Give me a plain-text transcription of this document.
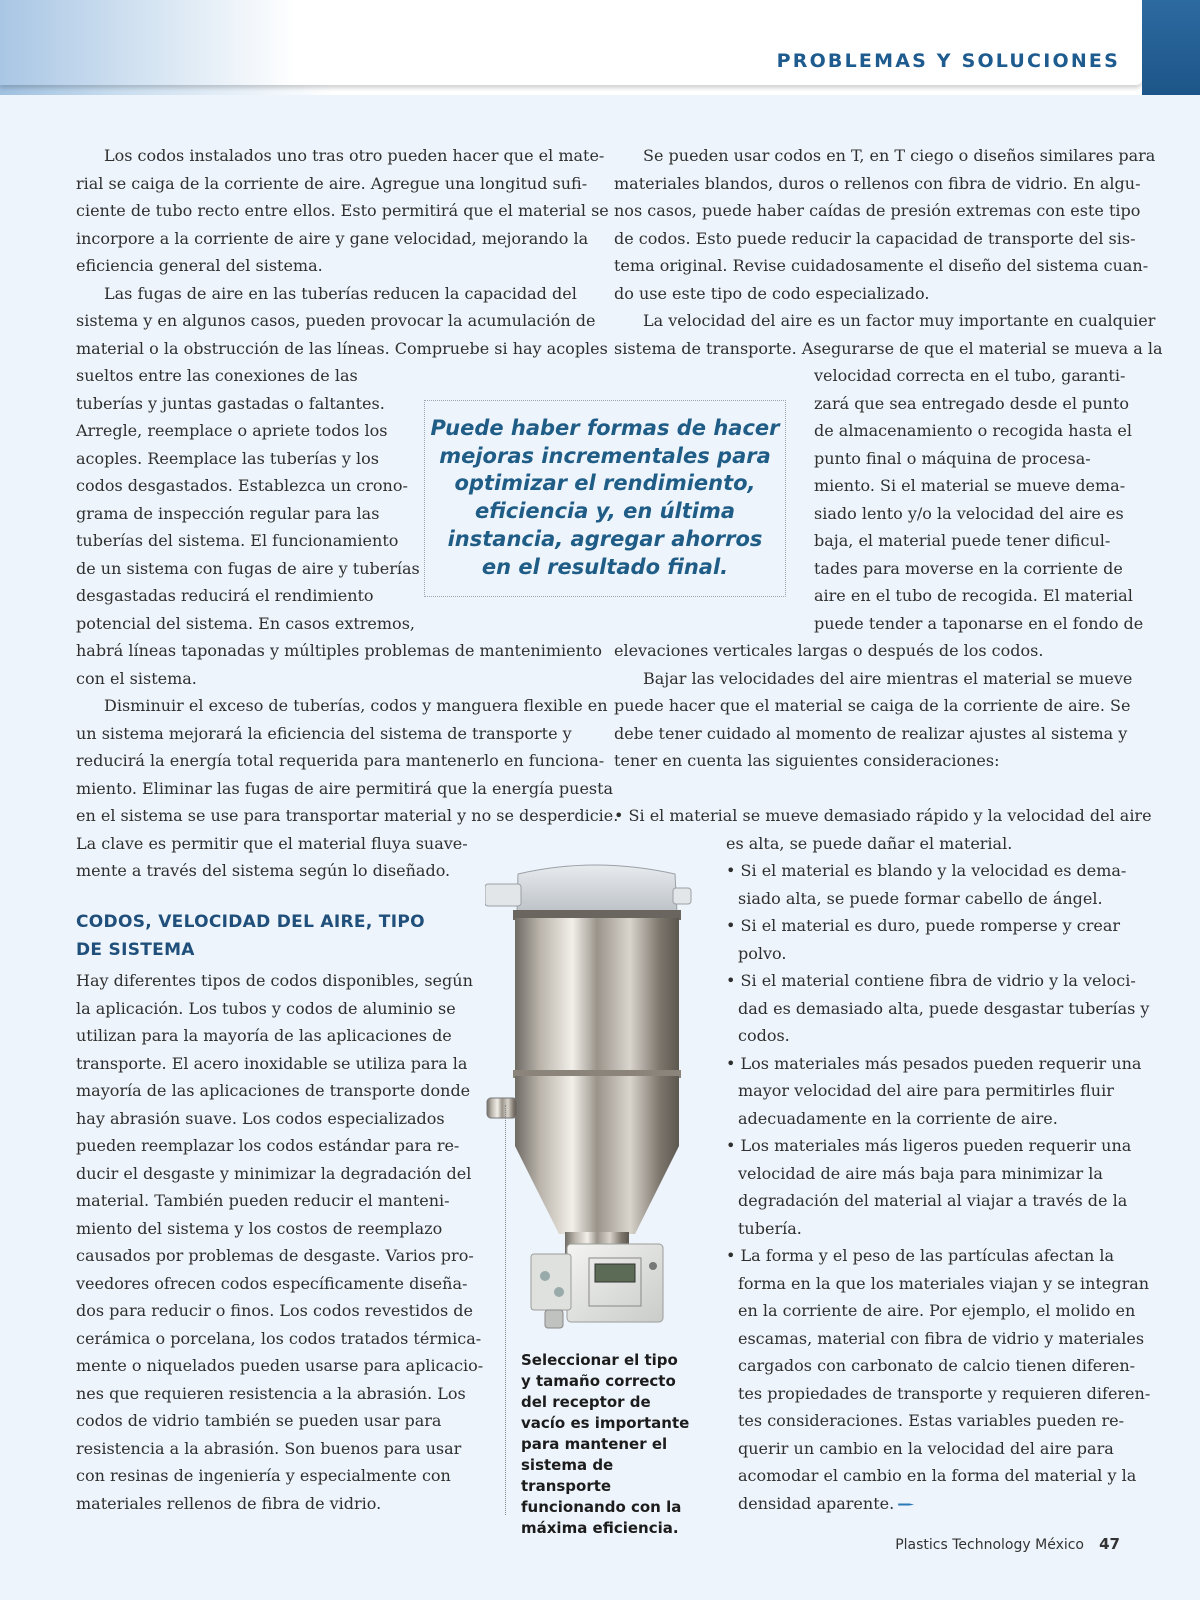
PROBLEMAS Y SOLUCIONES
Los codos instalados uno tras otro pueden hacer que el mate-
rial se caiga de la corriente de aire. Agregue una longitud sufi-
ciente de tubo recto entre ellos. Esto permitirá que el material se
incorpore a la corriente de aire y gane velocidad, mejorando la
eficiencia general del sistema.
Las fugas de aire en las tuberías reducen la capacidad del
sistema y en algunos casos, pueden provocar la acumulación de
material o la obstrucción de las líneas. Compruebe si hay acoples
sueltos entre las conexiones de las
tuberías y juntas gastadas o faltantes.
Arregle, reemplace o apriete todos los
acoples. Reemplace las tuberías y los
codos desgastados. Establezca un crono-
grama de inspección regular para las
tuberías del sistema. El funcionamiento
de un sistema con fugas de aire y tuberías
desgastadas reducirá el rendimiento
potencial del sistema. En casos extremos,
habrá líneas taponadas y múltiples problemas de mantenimiento
con el sistema.
Disminuir el exceso de tuberías, codos y manguera flexible en
un sistema mejorará la eficiencia del sistema de transporte y
reducirá la energía total requerida para mantenerlo en funciona-
miento. Eliminar las fugas de aire permitirá que la energía puesta
en el sistema se use para transportar material y no se desperdicie.
La clave es permitir que el material fluya suave-
mente a través del sistema según lo diseñado.
CODOS, VELOCIDAD DEL AIRE, TIPO
DE SISTEMA
Hay diferentes tipos de codos disponibles, según
la aplicación. Los tubos y codos de aluminio se
utilizan para la mayoría de las aplicaciones de
transporte. El acero inoxidable se utiliza para la
mayoría de las aplicaciones de transporte donde
hay abrasión suave. Los codos especializados
pueden reemplazar los codos estándar para re-
ducir el desgaste y minimizar la degradación del
material. También pueden reducir el manteni-
miento del sistema y los costos de reemplazo
causados por problemas de desgaste. Varios pro-
veedores ofrecen codos específicamente diseña-
dos para reducir o finos. Los codos revestidos de
cerámica o porcelana, los codos tratados térmica-
mente o niquelados pueden usarse para aplicacio-
nes que requieren resistencia a la abrasión. Los
codos de vidrio también se pueden usar para
resistencia a la abrasión. Son buenos para usar
con resinas de ingeniería y especialmente con
materiales rellenos de fibra de vidrio.
Puede haber formas de hacer
mejoras incrementales para
optimizar el rendimiento,
eficiencia y, en última
instancia, agregar ahorros
en el resultado final.
Se pueden usar codos en T, en T ciego o diseños similares para
materiales blandos, duros o rellenos con fibra de vidrio. En algu-
nos casos, puede haber caídas de presión extremas con este tipo
de codos. Esto puede reducir la capacidad de transporte del sis-
tema original. Revise cuidadosamente el diseño del sistema cuan-
do use este tipo de codo especializado.
La velocidad del aire es un factor muy importante en cualquier
sistema de transporte. Asegurarse de que el material se mueva a la
velocidad correcta en el tubo, garanti-
zará que sea entregado desde el punto
de almacenamiento o recogida hasta el
punto final o máquina de procesa-
miento. Si el material se mueve dema-
siado lento y/o la velocidad del aire es
baja, el material puede tener dificul-
tades para moverse en la corriente de
aire en el tubo de recogida. El material
puede tender a taponarse en el fondo de
elevaciones verticales largas o después de los codos.
Bajar las velocidades del aire mientras el material se mueve
puede hacer que el material se caiga de la corriente de aire. Se
debe tener cuidado al momento de realizar ajustes al sistema y
tener en cuenta las siguientes consideraciones:
• Si el material se mueve demasiado rápido y la velocidad del aire
es alta, se puede dañar el material.
• Si el material es blando y la velocidad es dema-
siado alta, se puede formar cabello de ángel.
• Si el material es duro, puede romperse y crear
polvo.
• Si el material contiene fibra de vidrio y la veloci-
dad es demasiado alta, puede desgastar tuberías y
codos.
• Los materiales más pesados pueden requerir una
mayor velocidad del aire para permitirles fluir
adecuadamente en la corriente de aire.
• Los materiales más ligeros pueden requerir una
velocidad de aire más baja para minimizar la
degradación del material al viajar a través de la
tubería.
• La forma y el peso de las partículas afectan la
forma en la que los materiales viajan y se integran
en la corriente de aire. Por ejemplo, el molido en
escamas, material con fibra de vidrio y materiales
cargados con carbonato de calcio tienen diferen-
tes propiedades de transporte y requieren diferen-
tes consideraciones. Estas variables pueden re-
querir un cambio en la velocidad del aire para
acomodar el cambio en la forma del material y la
densidad aparente.
Seleccionar el tipo
y tamaño correcto
del receptor de
vacío es importante
para mantener el
sistema de transporte
funcionando con la
máxima eficiencia.
Plastics Technology México 47
